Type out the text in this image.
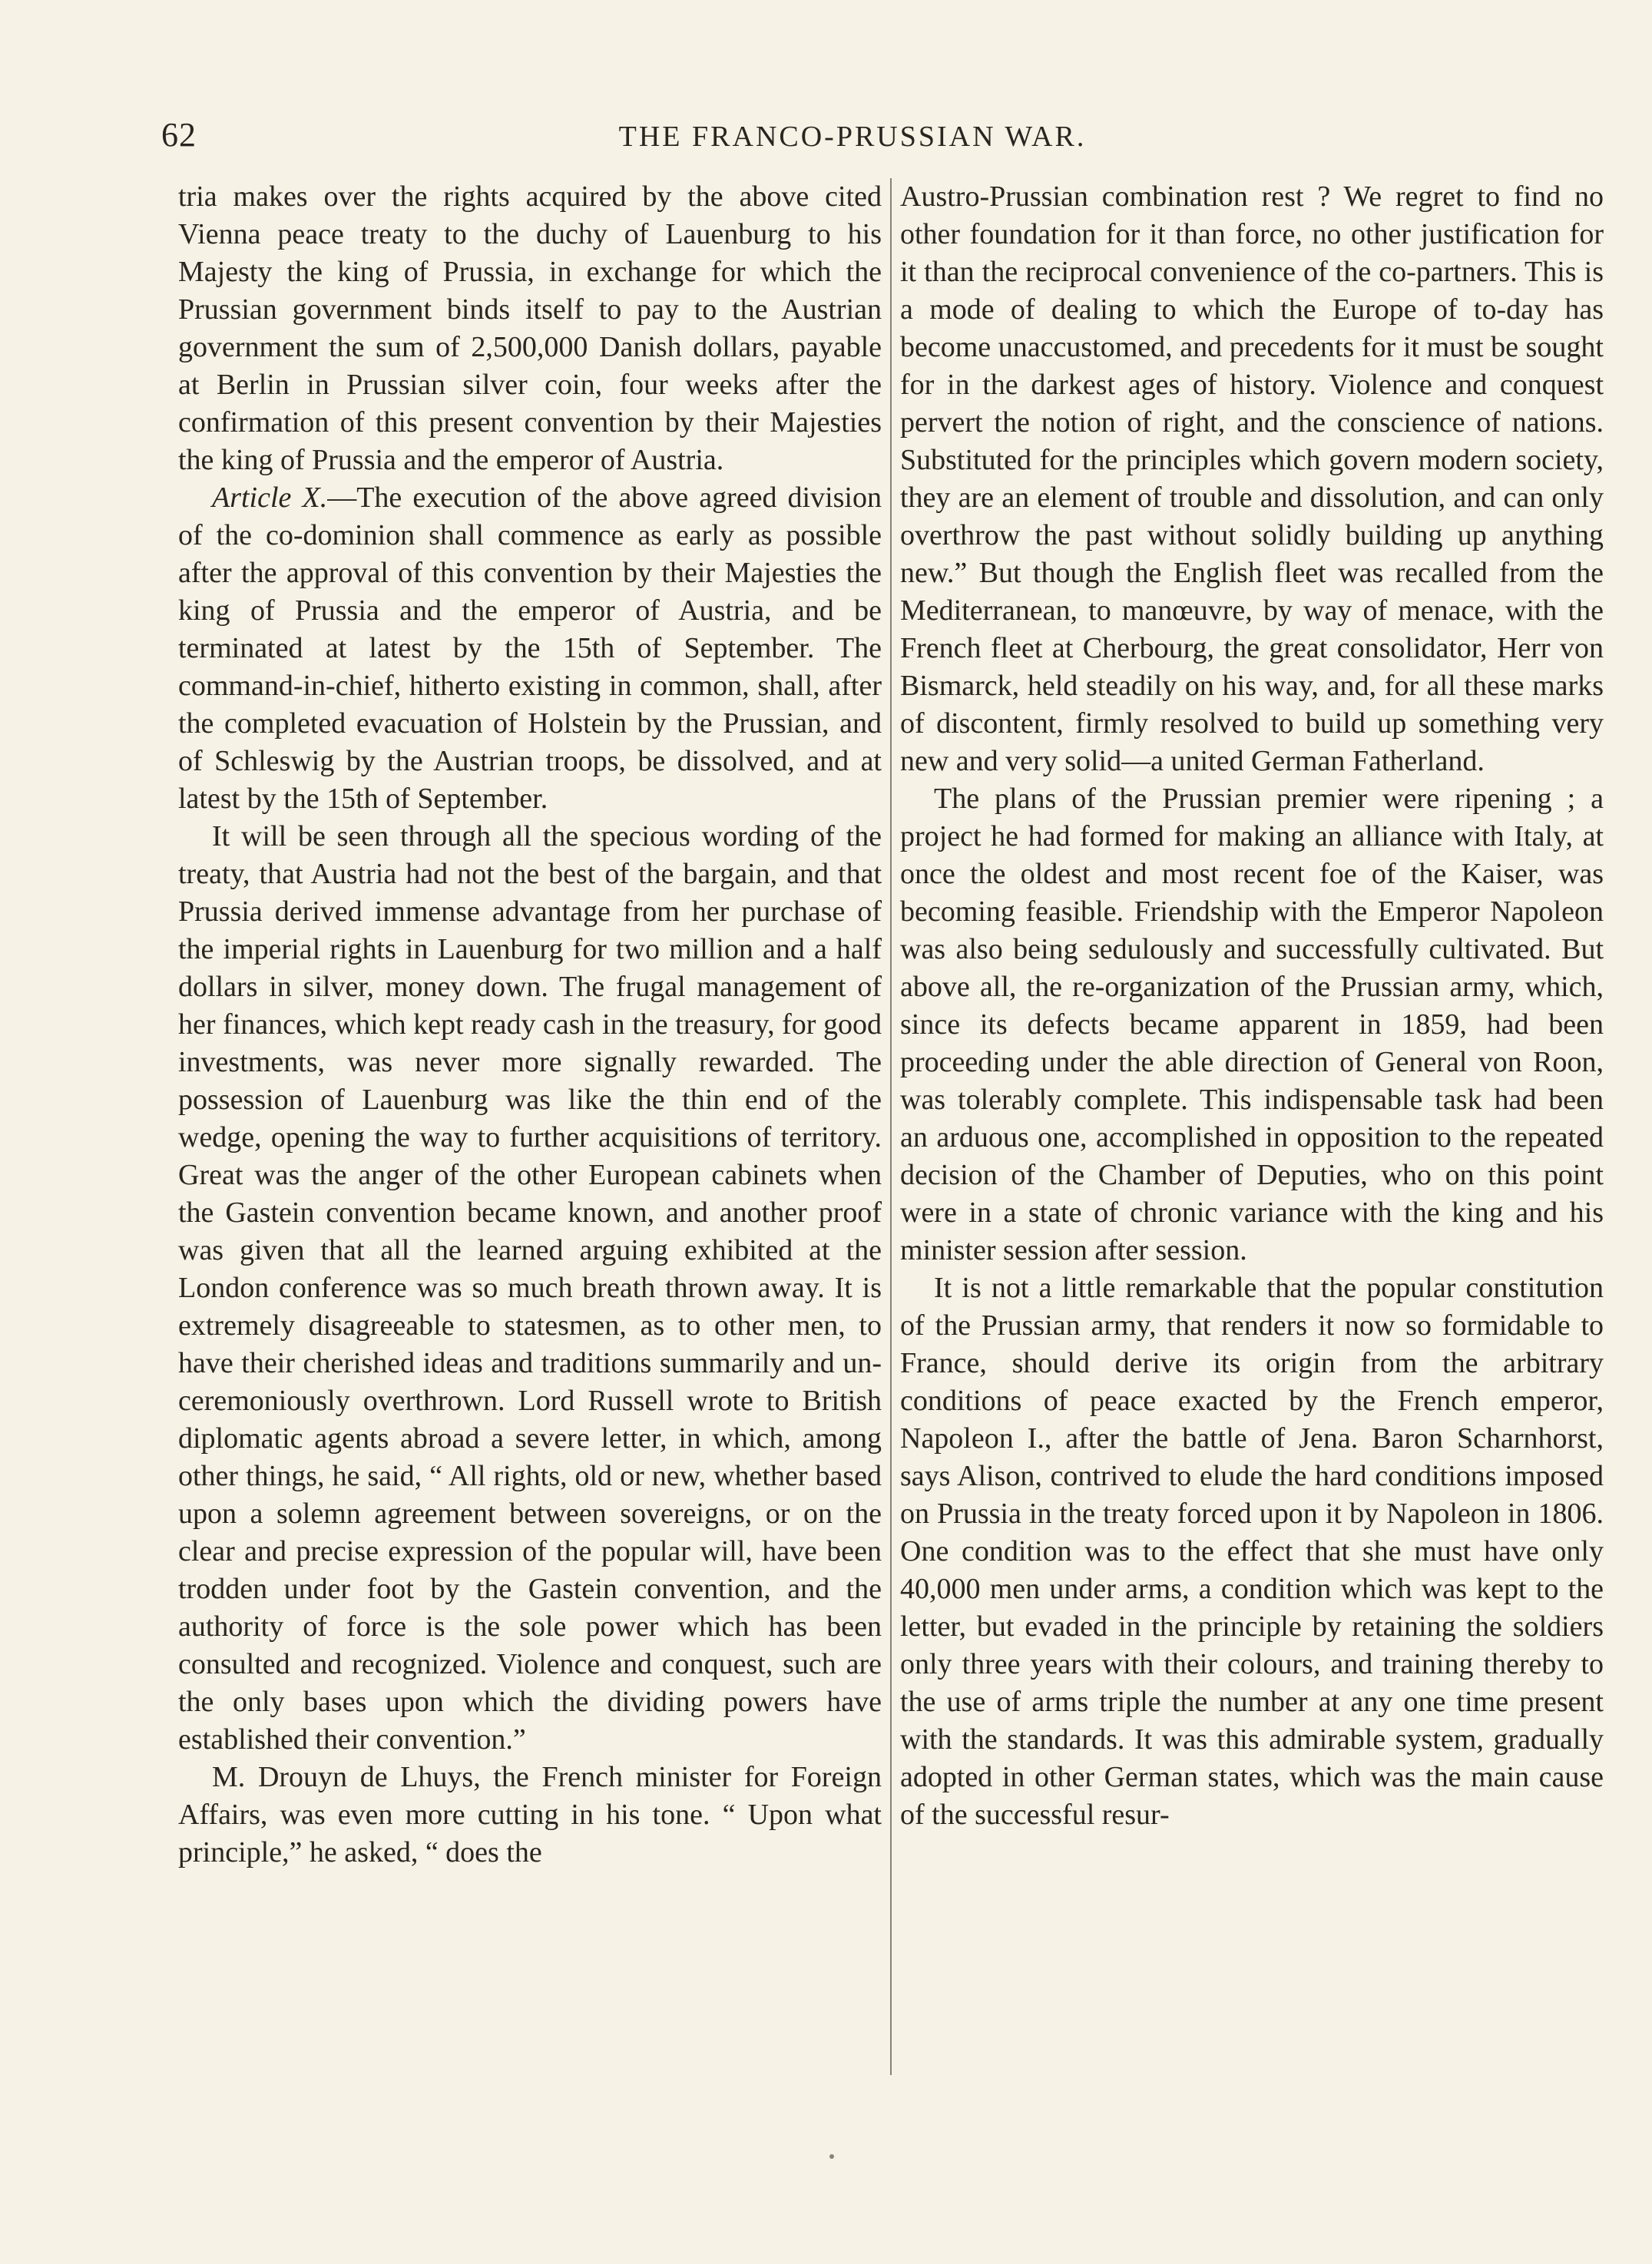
62	THE FRANCO-PRUSSIAN WAR.

tria makes over the rights acquired by the above cited Vienna peace treaty to the duchy of Lauenburg to his Majesty the king of Prussia, in exchange for which the Prussian government binds itself to pay to the Austrian government the sum of 2,500,000 Danish dollars, payable at Berlin in Prussian silver coin, four weeks after the confirmation of this present convention by their Majesties the king of Prussia and the emperor of Austria.

Article X.—The execution of the above agreed division of the co-dominion shall commence as early as possible after the approval of this convention by their Majesties the king of Prussia and the emperor of Austria, and be terminated at latest by the 15th of September. The command-in-chief, hitherto existing in common, shall, after the completed evacuation of Holstein by the Prussian, and of Schleswig by the Austrian troops, be dissolved, and at latest by the 15th of September.

It will be seen through all the specious wording of the treaty, that Austria had not the best of the bargain, and that Prussia derived immense advantage from her purchase of the imperial rights in Lauenburg for two million and a half dollars in silver, money down. The frugal management of her finances, which kept ready cash in the treasury, for good investments, was never more signally rewarded. The possession of Lauenburg was like the thin end of the wedge, opening the way to further acquisitions of territory. Great was the anger of the other European cabinets when the Gastein convention became known, and another proof was given that all the learned arguing exhibited at the London conference was so much breath thrown away. It is extremely disagreeable to statesmen, as to other men, to have their cherished ideas and traditions summarily and unceremoniously overthrown. Lord Russell wrote to British diplomatic agents abroad a severe letter, in which, among other things, he said, “ All rights, old or new, whether based upon a solemn agreement between sovereigns, or on the clear and precise expression of the popular will, have been trodden under foot by the Gastein convention, and the authority of force is the sole power which has been consulted and recognized. Violence and conquest, such are the only bases upon which the dividing powers have established their convention.”

M. Drouyn de Lhuys, the French minister for Foreign Affairs, was even more cutting in his tone. “ Upon what principle,” he asked, “ does the

Austro-Prussian combination rest ? We regret to find no other foundation for it than force, no other justification for it than the reciprocal convenience of the co-partners. This is a mode of dealing to which the Europe of to-day has become unaccustomed, and precedents for it must be sought for in the darkest ages of history. Violence and conquest pervert the notion of right, and the conscience of nations. Substituted for the principles which govern modern society, they are an element of trouble and dissolution, and can only overthrow the past without solidly building up anything new.” But though the English fleet was recalled from the Mediterranean, to manœuvre, by way of menace, with the French fleet at Cherbourg, the great consolidator, Herr von Bismarck, held steadily on his way, and, for all these marks of discontent, firmly resolved to build up something very new and very solid—a united German Fatherland.

The plans of the Prussian premier were ripening ; a project he had formed for making an alliance with Italy, at once the oldest and most recent foe of the Kaiser, was becoming feasible. Friendship with the Emperor Napoleon was also being sedulously and successfully cultivated. But above all, the re-organization of the Prussian army, which, since its defects became apparent in 1859, had been proceeding under the able direction of General von Roon, was tolerably complete. This indispensable task had been an arduous one, accomplished in opposition to the repeated decision of the Chamber of Deputies, who on this point were in a state of chronic variance with the king and his minister session after session.

It is not a little remarkable that the popular constitution of the Prussian army, that renders it now so formidable to France, should derive its origin from the arbitrary conditions of peace exacted by the French emperor, Napoleon I., after the battle of Jena. Baron Scharnhorst, says Alison, contrived to elude the hard conditions imposed on Prussia in the treaty forced upon it by Napoleon in 1806. One condition was to the effect that she must have only 40,000 men under arms, a condition which was kept to the letter, but evaded in the principle by retaining the soldiers only three years with their colours, and training thereby to the use of arms triple the number at any one time present with the standards. It was this admirable system, gradually adopted in other German states, which was the main cause of the successful resur-
